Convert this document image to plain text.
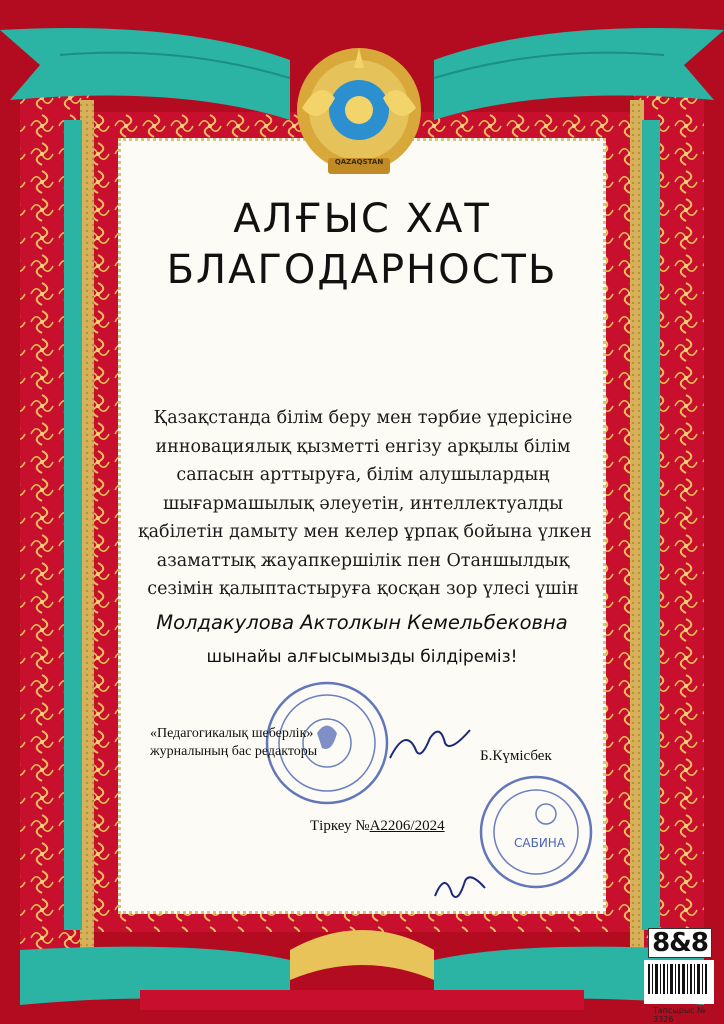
QAZAQSTAN
АЛҒЫС ХАТ
БЛАГОДАРНОСТЬ
Қазақстанда білім беру мен тәрбие үдерісіне
инновациялық қызметті енгізу арқылы білім
сапасын арттыруға, білім алушылардың
шығармашылық әлеуетін, интеллектуалды
қабілетін дамыту мен келер ұрпақ бойына үлкен
азаматтық жауапкершілік пен Отаншылдық
сезімін қалыптастыруға қосқан зор үлесі үшін
Молдакулова Актолкын Кемельбековна
шынайы алғысымызды білдіреміз!
«Педагогикалық шеберлік»
журналының бас редакторы	Б.Күмісбек
Тіркеу №А2206/2024
САБИНА
8&8
Тапсырыс № 3326
